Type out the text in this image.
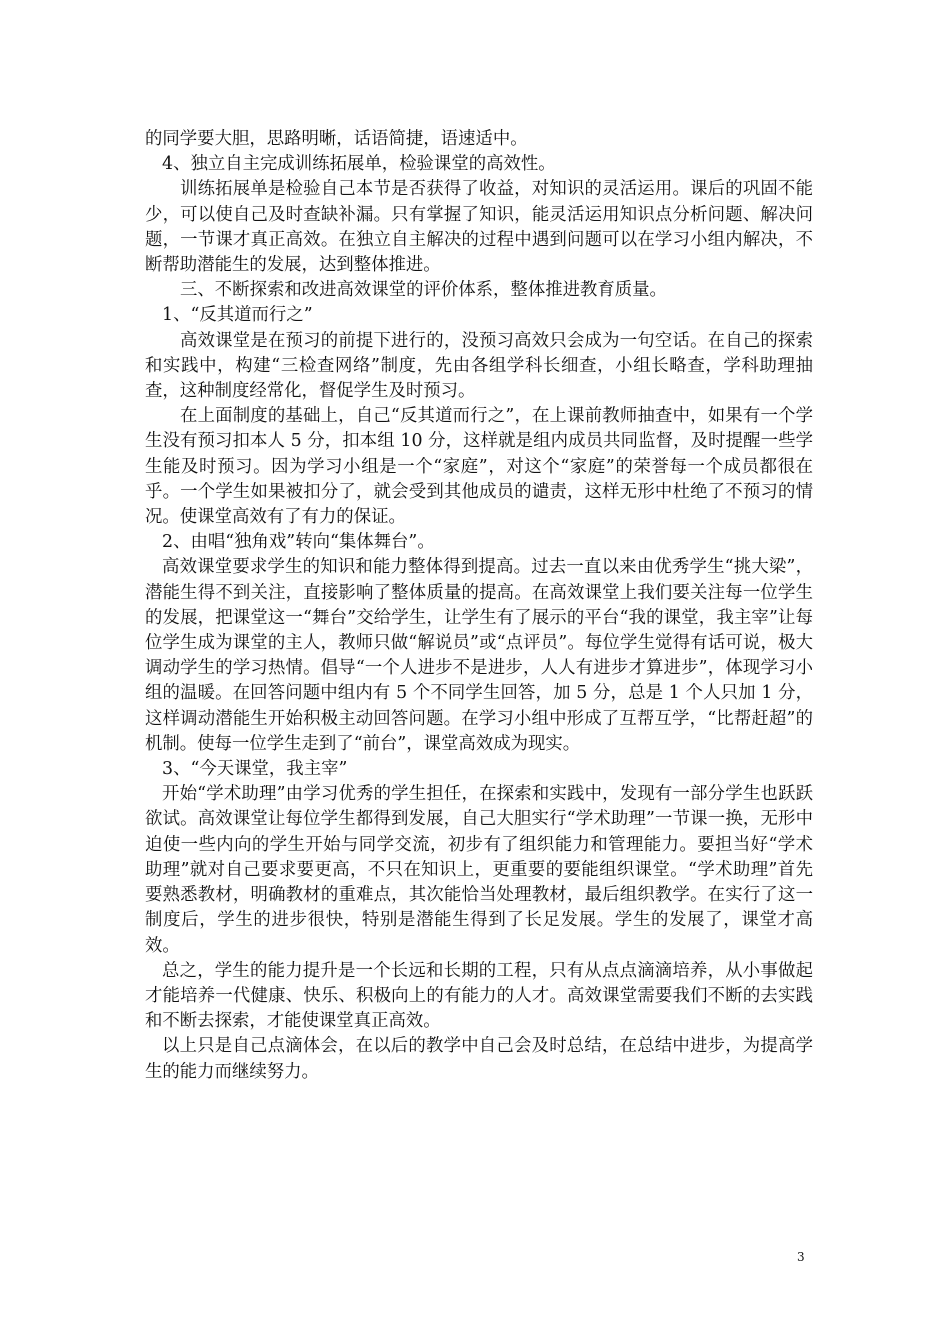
的同学要大胆，思路明晰，话语简捷，语速适中。

4、独立自主完成训练拓展单，检验课堂的高效性。

训练拓展单是检验自己本节是否获得了收益，对知识的灵活运用。课后的巩固不能少，可以使自己及时查缺补漏。只有掌握了知识，能灵活运用知识点分析问题、解决问题，一节课才真正高效。在独立自主解决的过程中遇到问题可以在学习小组内解决，不断帮助潜能生的发展，达到整体推进。

三、不断探索和改进高效课堂的评价体系，整体推进教育质量。

1、“反其道而行之”

高效课堂是在预习的前提下进行的，没预习高效只会成为一句空话。在自己的探索和实践中，构建“三检查网络”制度，先由各组学科长细查，小组长略查，学科助理抽查，这种制度经常化，督促学生及时预习。

在上面制度的基础上，自己“反其道而行之”，在上课前教师抽查中，如果有一个学生没有预习扣本人 5 分，扣本组 10 分，这样就是组内成员共同监督，及时提醒一些学生能及时预习。因为学习小组是一个“家庭”，对这个“家庭”的荣誉每一个成员都很在乎。一个学生如果被扣分了，就会受到其他成员的谴责，这样无形中杜绝了不预习的情况。使课堂高效有了有力的保证。

2、由唱“独角戏”转向“集体舞台”。

高效课堂要求学生的知识和能力整体得到提高。过去一直以来由优秀学生“挑大梁”，潜能生得不到关注，直接影响了整体质量的提高。在高效课堂上我们要关注每一位学生的发展，把课堂这一“舞台”交给学生，让学生有了展示的平台“我的课堂，我主宰”让每位学生成为课堂的主人，教师只做“解说员”或“点评员”。每位学生觉得有话可说，极大调动学生的学习热情。倡导“一个人进步不是进步，人人有进步才算进步”，体现学习小组的温暖。在回答问题中组内有 5 个不同学生回答，加 5 分，总是 1 个人只加 1 分，这样调动潜能生开始积极主动回答问题。在学习小组中形成了互帮互学，“比帮赶超”的机制。使每一位学生走到了“前台”，课堂高效成为现实。

3、“今天课堂，我主宰”

开始“学术助理”由学习优秀的学生担任，在探索和实践中，发现有一部分学生也跃跃欲试。高效课堂让每位学生都得到发展，自己大胆实行“学术助理”一节课一换，无形中迫使一些内向的学生开始与同学交流，初步有了组织能力和管理能力。要担当好“学术助理”就对自己要求要更高，不只在知识上，更重要的要能组织课堂。“学术助理”首先要熟悉教材，明确教材的重难点，其次能恰当处理教材，最后组织教学。在实行了这一制度后，学生的进步很快，特别是潜能生得到了长足发展。学生的发展了，课堂才高效。

总之，学生的能力提升是一个长远和长期的工程，只有从点点滴滴培养，从小事做起才能培养一代健康、快乐、积极向上的有能力的人才。高效课堂需要我们不断的去实践和不断去探索，才能使课堂真正高效。

以上只是自己点滴体会，在以后的教学中自己会及时总结，在总结中进步，为提高学生的能力而继续努力。

3
